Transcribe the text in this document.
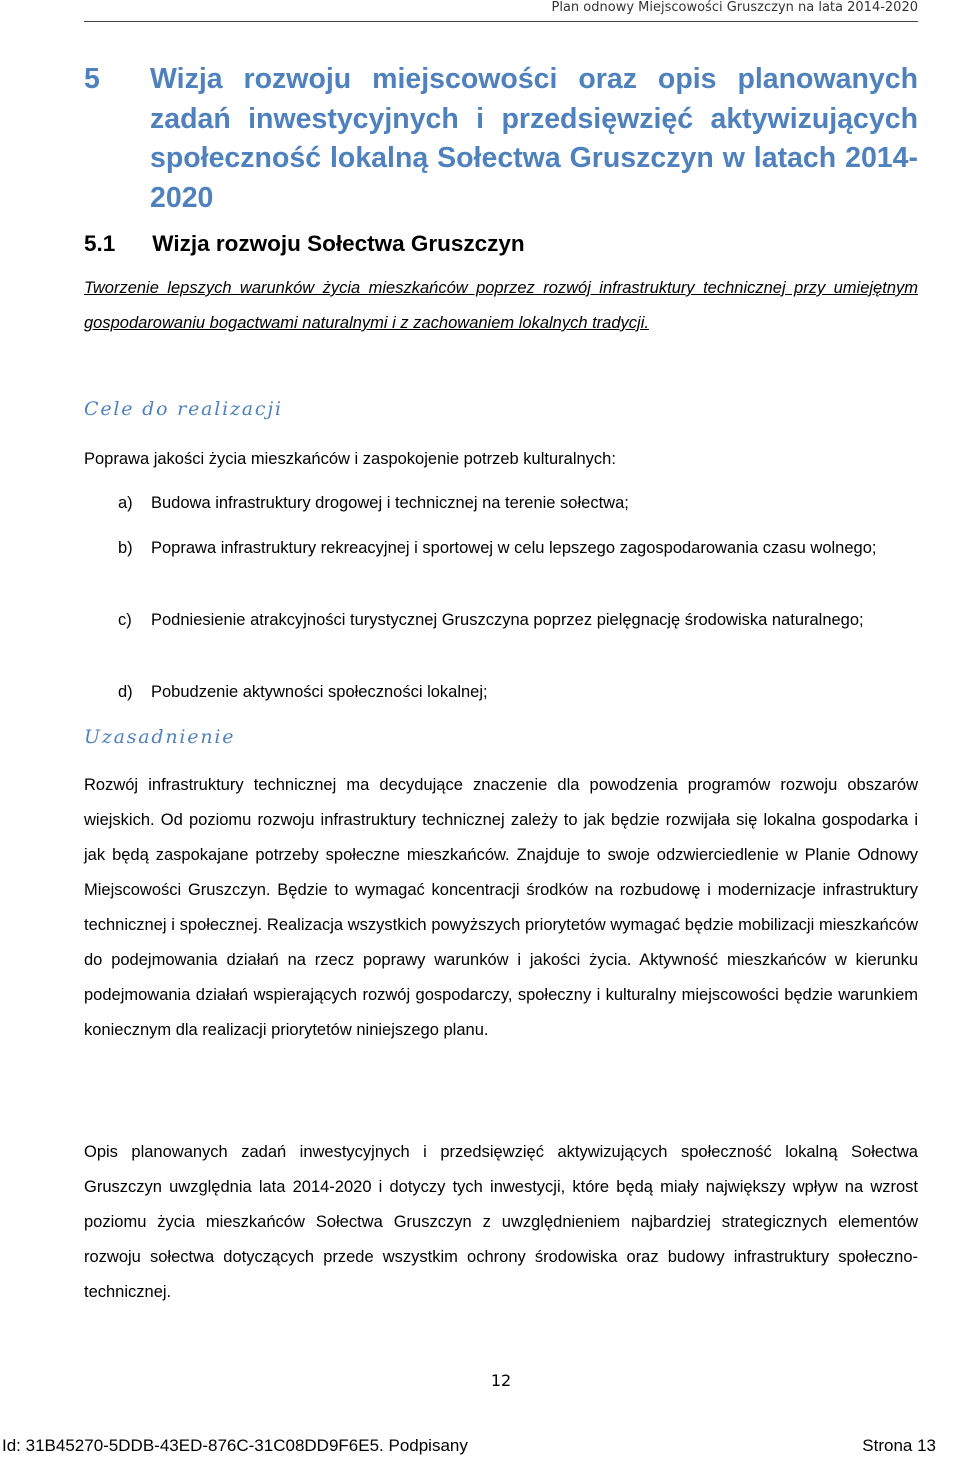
Plan odnowy Miejscowości Gruszczyn na lata 2014-2020
5 Wizja rozwoju miejscowości oraz opis planowanych zadań inwestycyjnych i przedsięwzięć aktywizujących społeczność lokalną Sołectwa Gruszczyn w latach 2014-2020
5.1 Wizja rozwoju Sołectwa Gruszczyn
Tworzenie lepszych warunków życia mieszkańców poprzez rozwój infrastruktury technicznej przy umiejętnym gospodarowaniu bogactwami naturalnymi i z zachowaniem lokalnych tradycji.
Cele do realizacji
Poprawa jakości życia mieszkańców i zaspokojenie potrzeb kulturalnych:
a) Budowa infrastruktury drogowej i technicznej na terenie sołectwa;
b) Poprawa infrastruktury rekreacyjnej i sportowej w celu lepszego zagospodarowania czasu wolnego;
c) Podniesienie atrakcyjności turystycznej Gruszczyna poprzez pielęgnację środowiska naturalnego;
d) Pobudzenie aktywności społeczności lokalnej;
Uzasadnienie
Rozwój infrastruktury technicznej ma decydujące znaczenie dla powodzenia programów rozwoju obszarów wiejskich. Od poziomu rozwoju infrastruktury technicznej zależy to jak będzie rozwijała się lokalna gospodarka i jak będą zaspokajane potrzeby społeczne mieszkańców. Znajduje to swoje odzwierciedlenie w Planie Odnowy Miejscowości Gruszczyn. Będzie to wymagać koncentracji środków na rozbudowę i modernizacje infrastruktury technicznej i społecznej. Realizacja wszystkich powyższych priorytetów wymagać będzie mobilizacji mieszkańców do podejmowania działań na rzecz poprawy warunków i jakości życia. Aktywność mieszkańców w kierunku podejmowania działań wspierających rozwój gospodarczy, społeczny i kulturalny miejscowości będzie warunkiem koniecznym dla realizacji priorytetów niniejszego planu.
Opis planowanych zadań inwestycyjnych i przedsięwzięć aktywizujących społeczność lokalną Sołectwa Gruszczyn uwzględnia lata 2014-2020 i dotyczy tych inwestycji, które będą miały największy wpływ na wzrost poziomu życia mieszkańców Sołectwa Gruszczyn z uwzględnieniem najbardziej strategicznych elementów rozwoju sołectwa dotyczących przede wszystkim ochrony środowiska oraz budowy infrastruktury społeczno-technicznej.
12
Id: 31B45270-5DDB-43ED-876C-31C08DD9F6E5. Podpisany	Strona 13
